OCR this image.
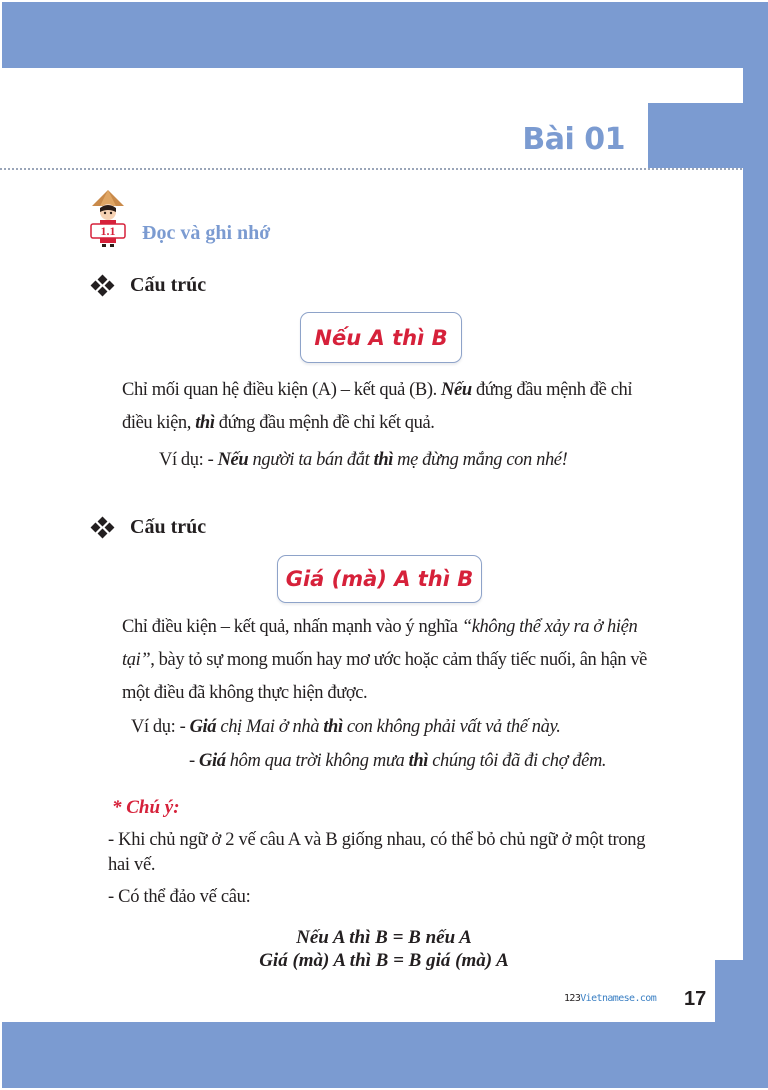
Bài 01
1.1 Đọc và ghi nhớ
Cấu trúc
Nếu A thì B
Chỉ mối quan hệ điều kiện (A) – kết quả (B). Nếu đứng đầu mệnh đề chỉ điều kiện, thì đứng đầu mệnh đề chỉ kết quả.
Ví dụ: - Nếu người ta bán đắt thì mẹ đừng mắng con nhé!
Cấu trúc
Giá (mà) A thì B
Chỉ điều kiện – kết quả, nhấn mạnh vào ý nghĩa “không thể xảy ra ở hiện tại”, bày tỏ sự mong muốn hay mơ ước hoặc cảm thấy tiếc nuối, ân hận về một điều đã không thực hiện được.
Ví dụ: - Giá chị Mai ở nhà thì con không phải vất vả thế này.
- Giá hôm qua trời không mưa thì chúng tôi đã đi chợ đêm.
* Chú ý:
- Khi chủ ngữ ở 2 vế câu A và B giống nhau, có thể bỏ chủ ngữ ở một trong hai vế.
- Có thể đảo vế câu:
Nếu A thì B = B nếu A
Giá (mà) A thì B = B giá (mà) A
123Vietnamese.com 17
